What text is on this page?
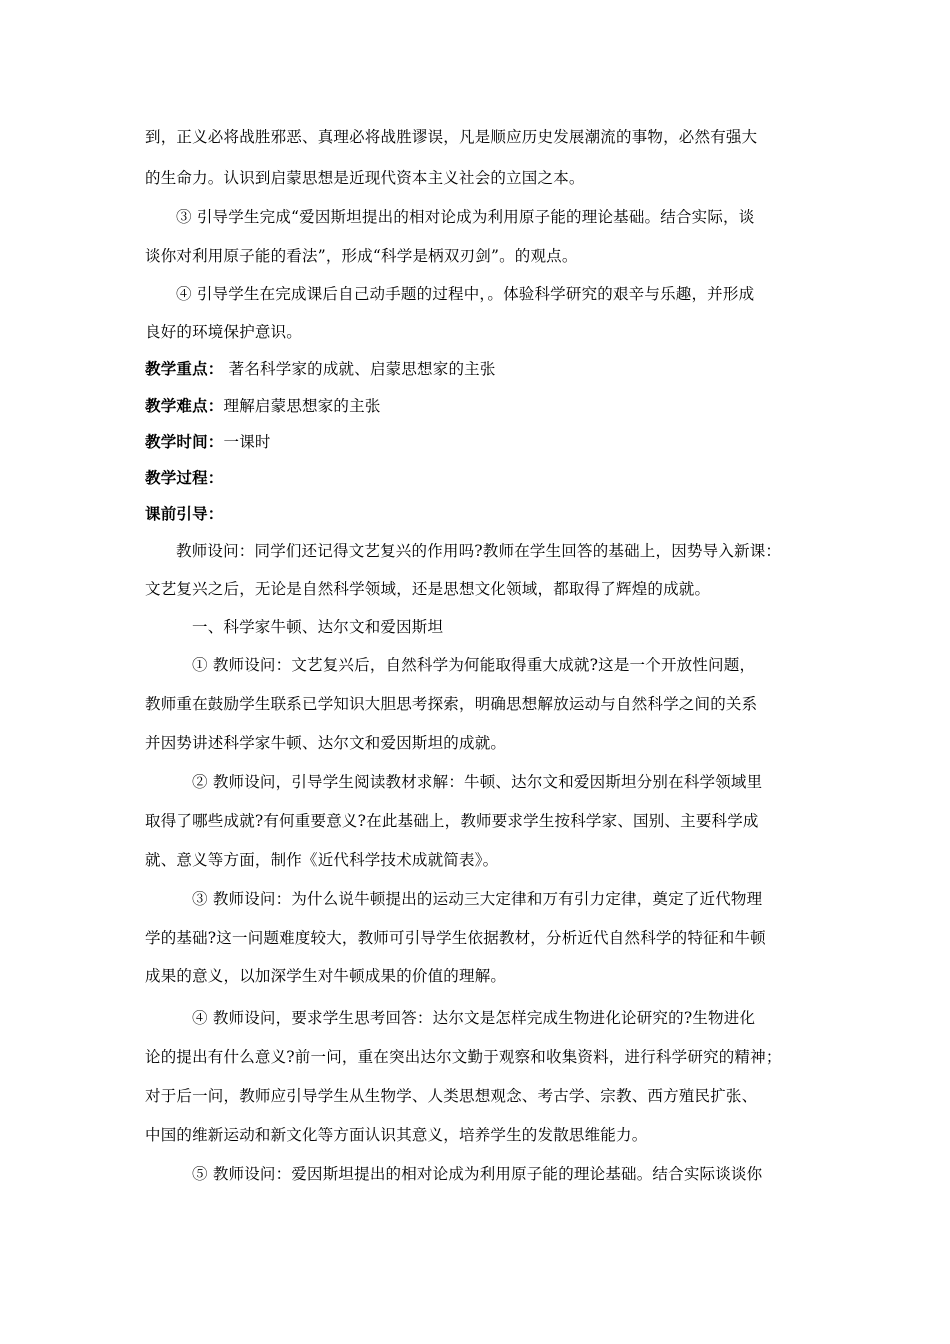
到，正义必将战胜邪恶、真理必将战胜谬误，凡是顺应历史发展潮流的事物，必然有强大
的生命力。认识到启蒙思想是近现代资本主义社会的立国之本。
③ 引导学生完成“爱因斯坦提出的相对论成为利用原子能的理论基础。结合实际，谈
谈你对利用原子能的看法”，形成“科学是柄双刃剑”。的观点。
④ 引导学生在完成课后自己动手题的过程中，。体验科学研究的艰辛与乐趣，并形成
良好的环境保护意识。
教学重点： 著名科学家的成就、启蒙思想家的主张
教学难点：理解启蒙思想家的主张
教学时间：一课时
教学过程：
课前引导：
教师设问：同学们还记得文艺复兴的作用吗?教师在学生回答的基础上，因势导入新课：
文艺复兴之后，无论是自然科学领域，还是思想文化领域，都取得了辉煌的成就。
一、科学家牛顿、达尔文和爱因斯坦
① 教师设问：文艺复兴后，自然科学为何能取得重大成就?这是一个开放性问题，
教师重在鼓励学生联系已学知识大胆思考探索，明确思想解放运动与自然科学之间的关系
并因势讲述科学家牛顿、达尔文和爱因斯坦的成就。
② 教师设问，引导学生阅读教材求解：牛顿、达尔文和爱因斯坦分别在科学领域里
取得了哪些成就?有何重要意义?在此基础上，教师要求学生按科学家、国别、主要科学成
就、意义等方面，制作《近代科学技术成就简表》。
③ 教师设问：为什么说牛顿提出的运动三大定律和万有引力定律，奠定了近代物理
学的基础?这一问题难度较大，教师可引导学生依据教材，分析近代自然科学的特征和牛顿
成果的意义，以加深学生对牛顿成果的价值的理解。
④ 教师设问，要求学生思考回答：达尔文是怎样完成生物进化论研究的?生物进化
论的提出有什么意义?前一问，重在突出达尔文勤于观察和收集资料，进行科学研究的精神；
对于后一问，教师应引导学生从生物学、人类思想观念、考古学、宗教、西方殖民扩张、
中国的维新运动和新文化等方面认识其意义，培养学生的发散思维能力。
⑤ 教师设问：爱因斯坦提出的相对论成为利用原子能的理论基础。结合实际谈谈你
